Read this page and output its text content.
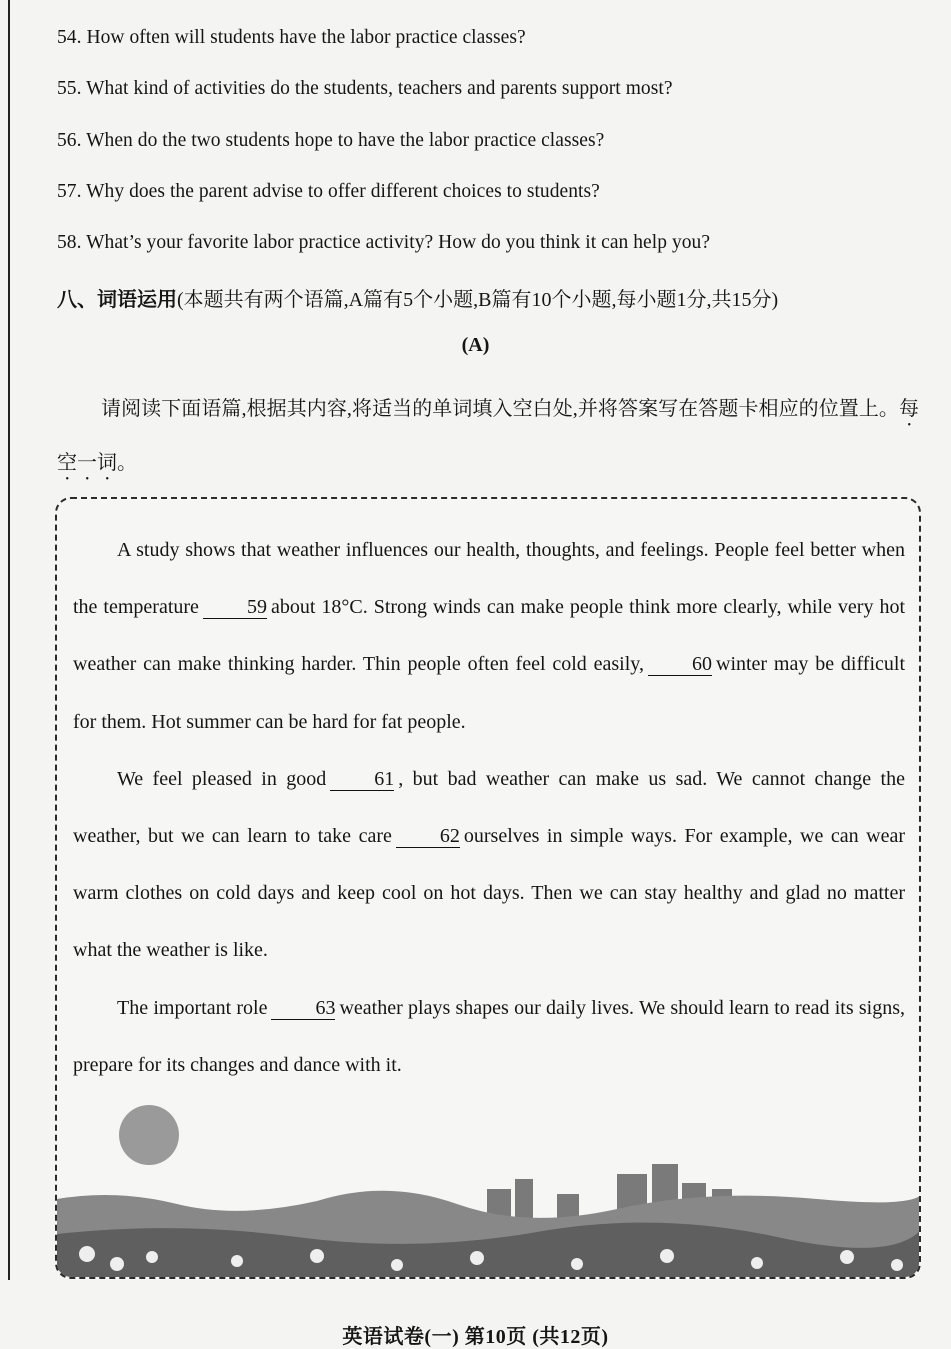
54. How often will students have the labor practice classes?
55. What kind of activities do the students, teachers and parents support most?
56. When do the two students hope to have the labor practice classes?
57. Why does the parent advise to offer different choices to students?
58. What’s your favorite labor practice activity? How do you think it can help you?
八、词语运用(本题共有两个语篇,A篇有5个小题,B篇有10个小题,每小题1分,共15分)
(A)
请阅读下面语篇,根据其内容,将适当的单词填入空白处,并将答案写在答题卡相应的位置上。每空一词。

A study shows that weather influences our health, thoughts, and feelings. People feel better when the temperature 59 about 18°C. Strong winds can make people think more clearly, while very hot weather can make thinking harder. Thin people often feel cold easily, 60 winter may be difficult for them. Hot summer can be hard for fat people.

We feel pleased in good 61 , but bad weather can make us sad. We cannot change the weather, but we can learn to take care 62 ourselves in simple ways. For example, we can wear warm clothes on cold days and keep cool on hot days. Then we can stay healthy and glad no matter what the weather is like.

The important role 63 weather plays shapes our daily lives. We should learn to read its signs, prepare for its changes and dance with it.

英语试卷(一) 第10页 (共12页)
